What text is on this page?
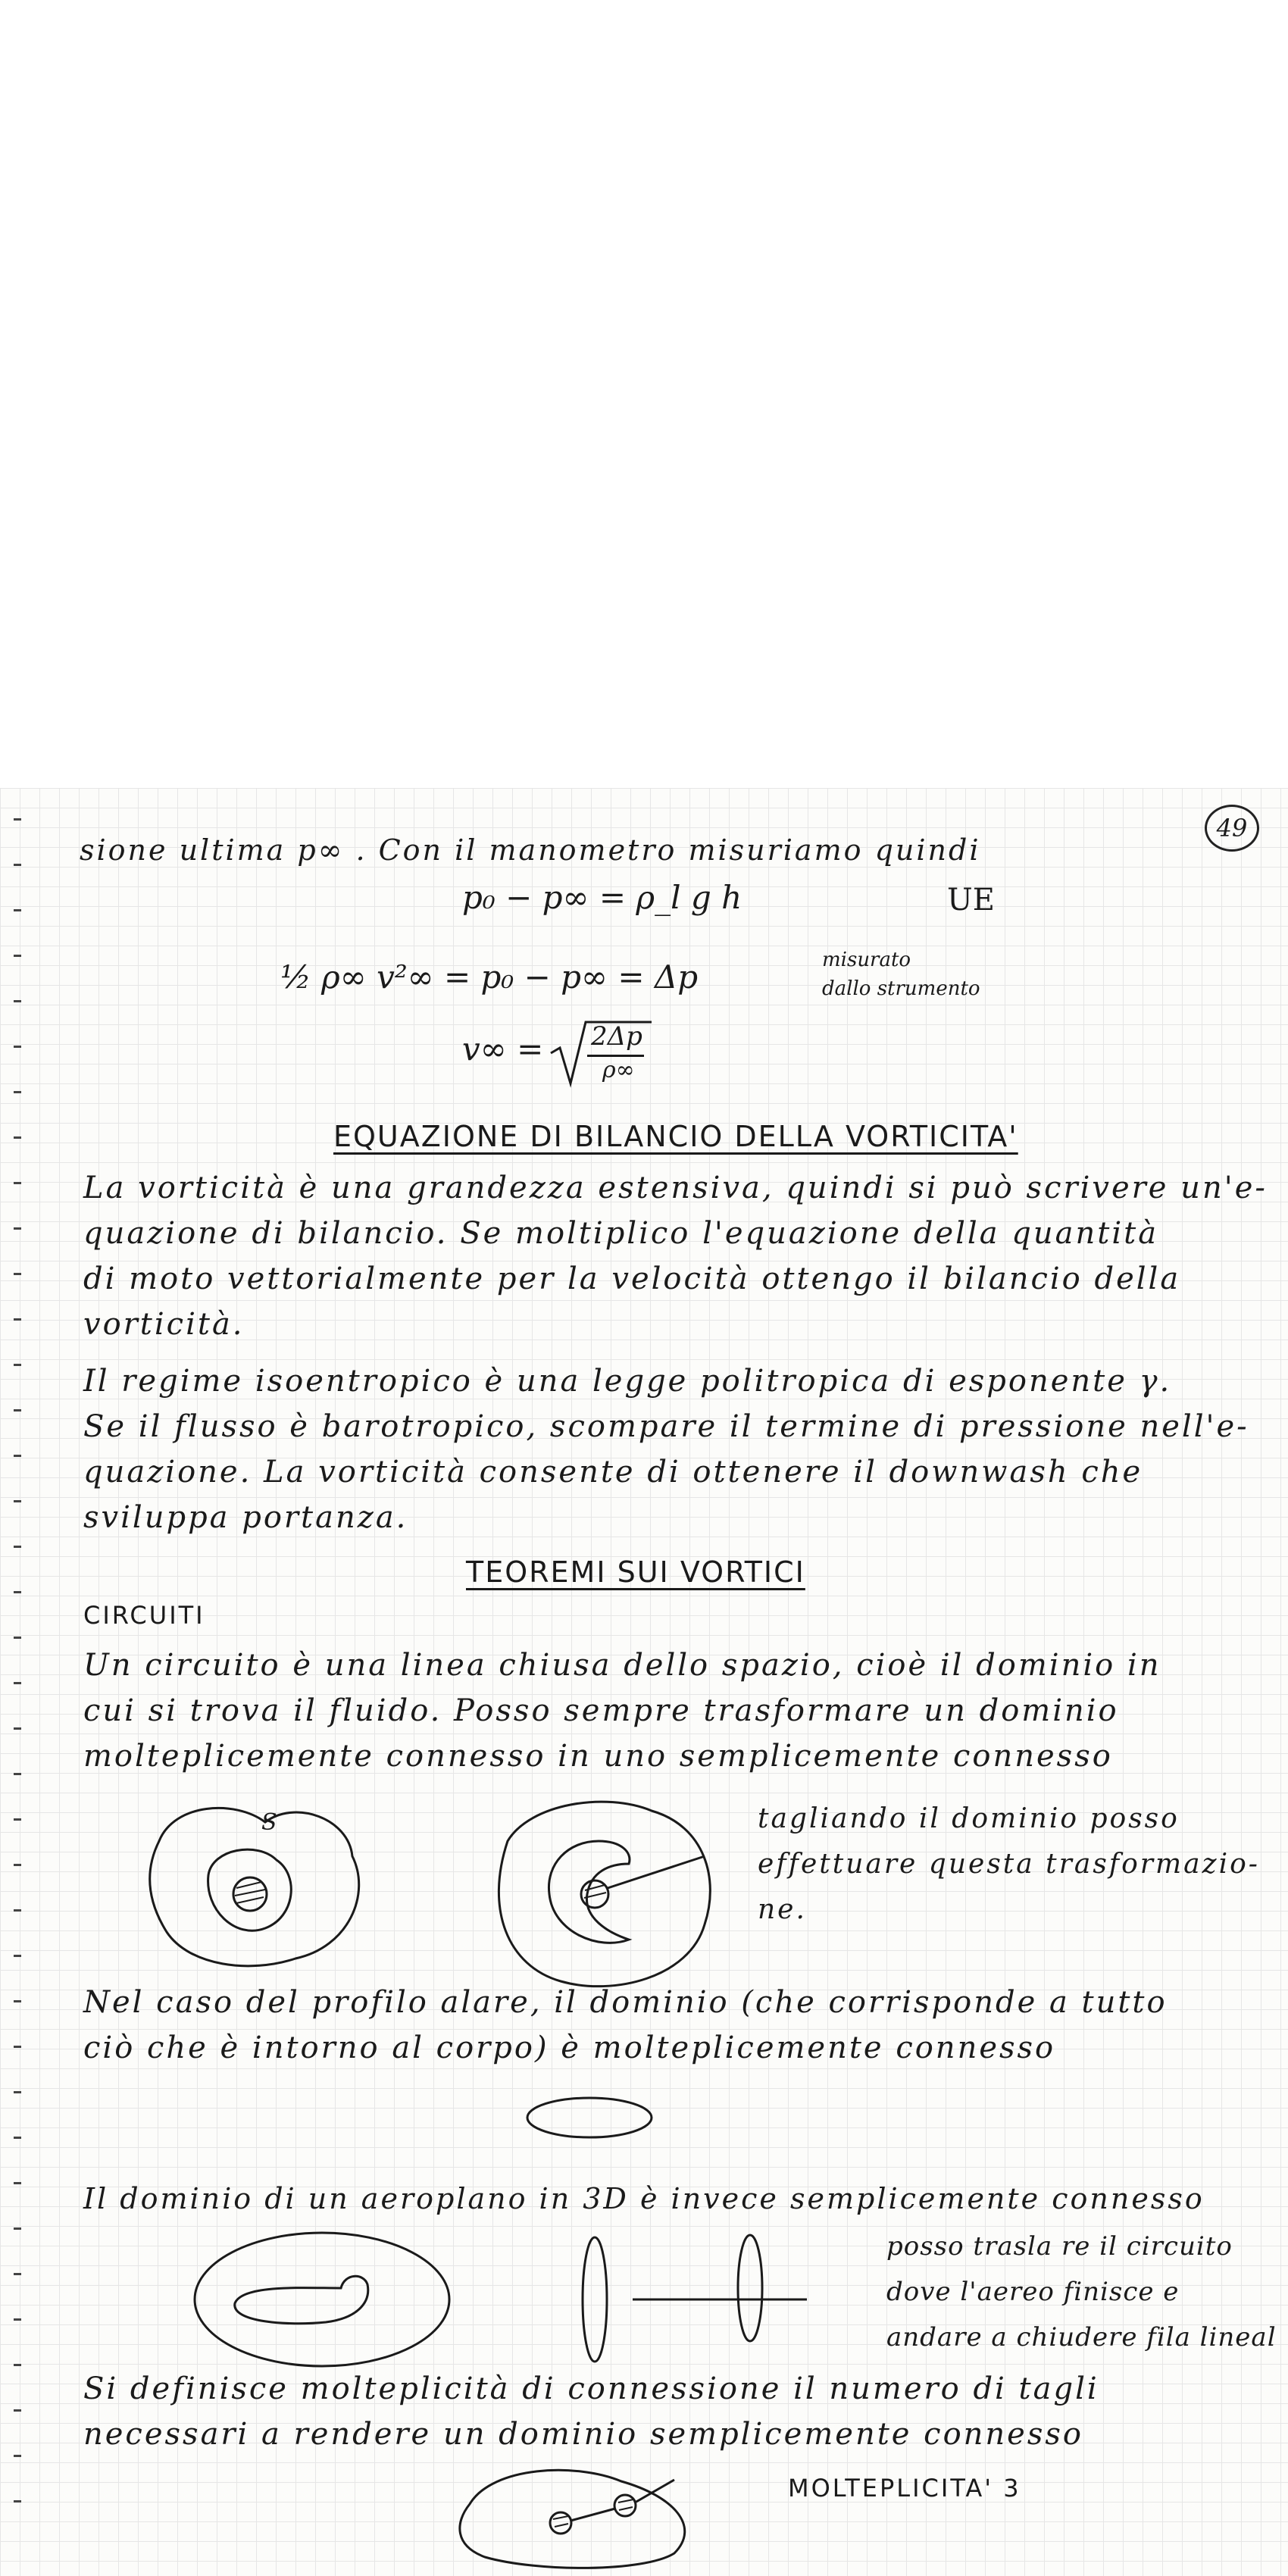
49
sione ultima p∞ . Con il manometro misuriamo quindi
p₀ − p∞ = ρ_l g h	UE
½ ρ∞ v²∞ = p₀ − p∞ = Δp	misurato
dallo strumento
v∞ = 2Δp
ρ∞
EQUAZIONE DI BILANCIO DELLA VORTICITA'
La vorticità è una grandezza estensiva, quindi si può scrivere un'e-
quazione di bilancio. Se moltiplico l'equazione della quantità
di moto vettorialmente per la velocità ottengo il bilancio della
vorticità.
Il regime isoentropico è una legge politropica di esponente γ.
Se il flusso è barotropico, scompare il termine di pressione nell'e-
quazione. La vorticità consente di ottenere il downwash che
sviluppa portanza.
TEOREMI SUI VORTICI
CIRCUITI
Un circuito è una linea chiusa dello spazio, cioè il dominio in
cui si trova il fluido. Posso sempre trasformare un dominio
molteplicemente connesso in uno semplicemente connesso
S	tagliando il dominio posso
effettuare questa trasformazio-
ne.
Nel caso del profilo alare, il dominio (che corrisponde a tutto
ciò che è intorno al corpo) è molteplicemente connesso
Il dominio di un aeroplano in 3D è invece semplicemente connesso
posso trasla re il circuito
dove l'aereo finisce e
andare a chiudere fila lineal
Si definisce molteplicità di connessione il numero di tagli
necessari a rendere un dominio semplicemente connesso
MOLTEPLICITA' 3
